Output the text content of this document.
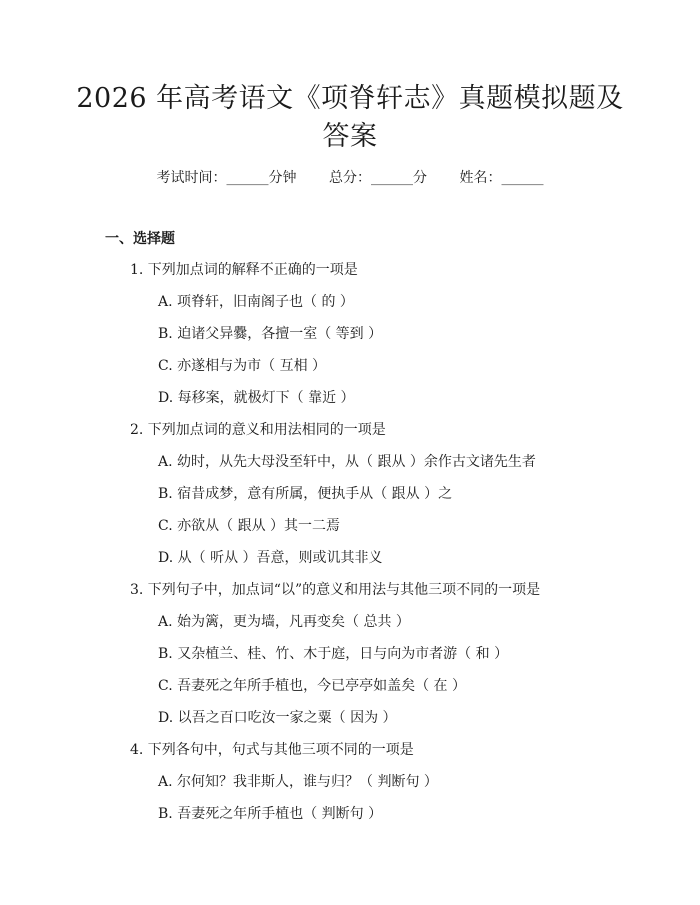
2026 年高考语文《项脊轩志》真题模拟题及
答案
考试时间：______分钟 总分：______分 姓名：______
一、选择题
1. 下列加点词的解释不正确的一项是
A. 项脊轩，旧南阁子也（ 的 ）
B. 迫诸父异爨，各擅一室（ 等到 ）
C. 亦遂相与为市（ 互相 ）
D. 每移案，就极灯下（ 靠近 ）
2. 下列加点词的意义和用法相同的一项是
A. 幼时，从先大母没至轩中，从（ 跟从 ）余作古文诸先生者
B. 宿昔成梦，意有所属，便执手从（ 跟从 ）之
C. 亦欲从（ 跟从 ）其一二焉
D. 从（ 听从 ）吾意，则或讥其非义
3. 下列句子中，加点词“以”的意义和用法与其他三项不同的一项是
A. 始为篱，更为墙，凡再变矣（ 总共 ）
B. 又杂植兰、桂、竹、木于庭，日与向为市者游（ 和 ）
C. 吾妻死之年所手植也，今已亭亭如盖矣（ 在 ）
D. 以吾之百口吃汝一家之粟（ 因为 ）
4. 下列各句中，句式与其他三项不同的一项是
A. 尔何知？我非斯人，谁与归？（ 判断句 ）
B. 吾妻死之年所手植也（ 判断句 ）
